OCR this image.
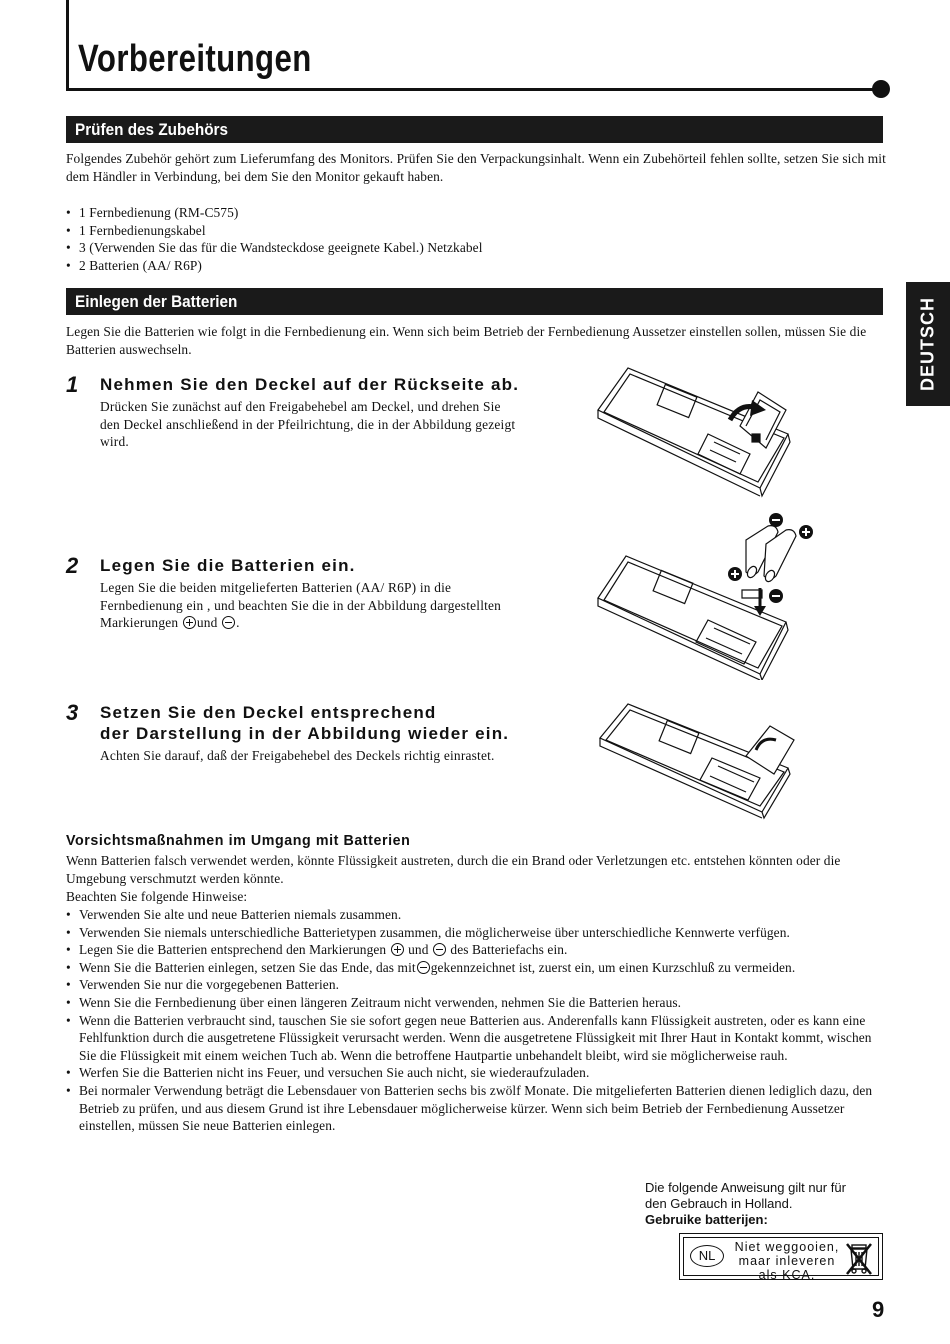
Vorbereitungen
Prüfen des Zubehörs
Folgendes Zubehör gehört zum Lieferumfang des Monitors. Prüfen Sie den Verpackungsinhalt. Wenn ein Zubehörteil fehlen sollte, setzen Sie sich mit dem Händler in Verbindung, bei dem Sie den Monitor gekauft haben.
• 1 Fernbedienung (RM-C575)
• 1 Fernbedienungskabel
• 3 (Verwenden Sie das für die Wandsteckdose geeignete Kabel.) Netzkabel
• 2 Batterien (AA/ R6P)
Einlegen der Batterien
Legen Sie die Batterien wie folgt in die Fernbedienung ein. Wenn sich beim Betrieb der Fernbedienung Aussetzer einstellen sollen, müssen Sie die Batterien auswechseln.	DEUTSCH
1 Nehmen Sie den Deckel auf der Rückseite ab.
Drücken Sie zunächst auf den Freigabehebel am Deckel, und drehen Sie den Deckel anschließend in der Pfeilrichtung, die in der Abbildung gezeigt wird.
2 Legen Sie die Batterien ein.
Legen Sie die beiden mitgelieferten Batterien (AA/ R6P) in die Fernbedienung ein , und beachten Sie die in der Abbildung dargestellten Markierungen und .
3 Setzen Sie den Deckel entsprechend
der Darstellung in der Abbildung wieder ein.
Achten Sie darauf, daß der Freigabehebel des Deckels richtig einrastet.
Vorsichtsmaßnahmen im Umgang mit Batterien
Wenn Batterien falsch verwendet werden, könnte Flüssigkeit austreten, durch die ein Brand oder Verletzungen etc. entstehen könnten oder die Umgebung verschmutzt werden könnte.
Beachten Sie folgende Hinweise:
• Verwenden Sie alte und neue Batterien niemals zusammen.
• Verwenden Sie niemals unterschiedliche Batterietypen zusammen, die möglicherweise über unterschiedliche Kennwerte verfügen.
• Legen Sie die Batterien entsprechend den Markierungen und des Batteriefachs ein.
• Wenn Sie die Batterien einlegen, setzen Sie das Ende, das mit gekennzeichnet ist, zuerst ein, um einen Kurzschluß zu vermeiden.
• Verwenden Sie nur die vorgegebenen Batterien.
• Wenn Sie die Fernbedienung über einen längeren Zeitraum nicht verwenden, nehmen Sie die Batterien heraus.
• Wenn die Batterien verbraucht sind, tauschen Sie sie sofort gegen neue Batterien aus. Anderenfalls kann Flüssigkeit austreten, oder es kann eine Fehlfunktion durch die ausgetretene Flüssigkeit verursacht werden. Wenn die ausgetretene Flüssigkeit mit Ihrer Haut in Kontakt kommt, wischen Sie die Flüssigkeit mit einem weichen Tuch ab. Wenn die betroffene Hautpartie unbehandelt bleibt, wird sie möglicherweise rauh.
• Werfen Sie die Batterien nicht ins Feuer, und versuchen Sie auch nicht, sie wiederaufzuladen.
• Bei normaler Verwendung beträgt die Lebensdauer von Batterien sechs bis zwölf Monate. Die mitgelieferten Batterien dienen lediglich dazu, den Betrieb zu prüfen, und aus diesem Grund ist ihre Lebensdauer möglicherweise kürzer. Wenn sich beim Betrieb der Fernbedienung Aussetzer einstellen, müssen Sie neue Batterien einlegen.
Die folgende Anweisung gilt nur für
den Gebrauch in Holland.
Gebruike batterijen:
NL
Niet weggooien,
maar inleveren
als KCA.
9
